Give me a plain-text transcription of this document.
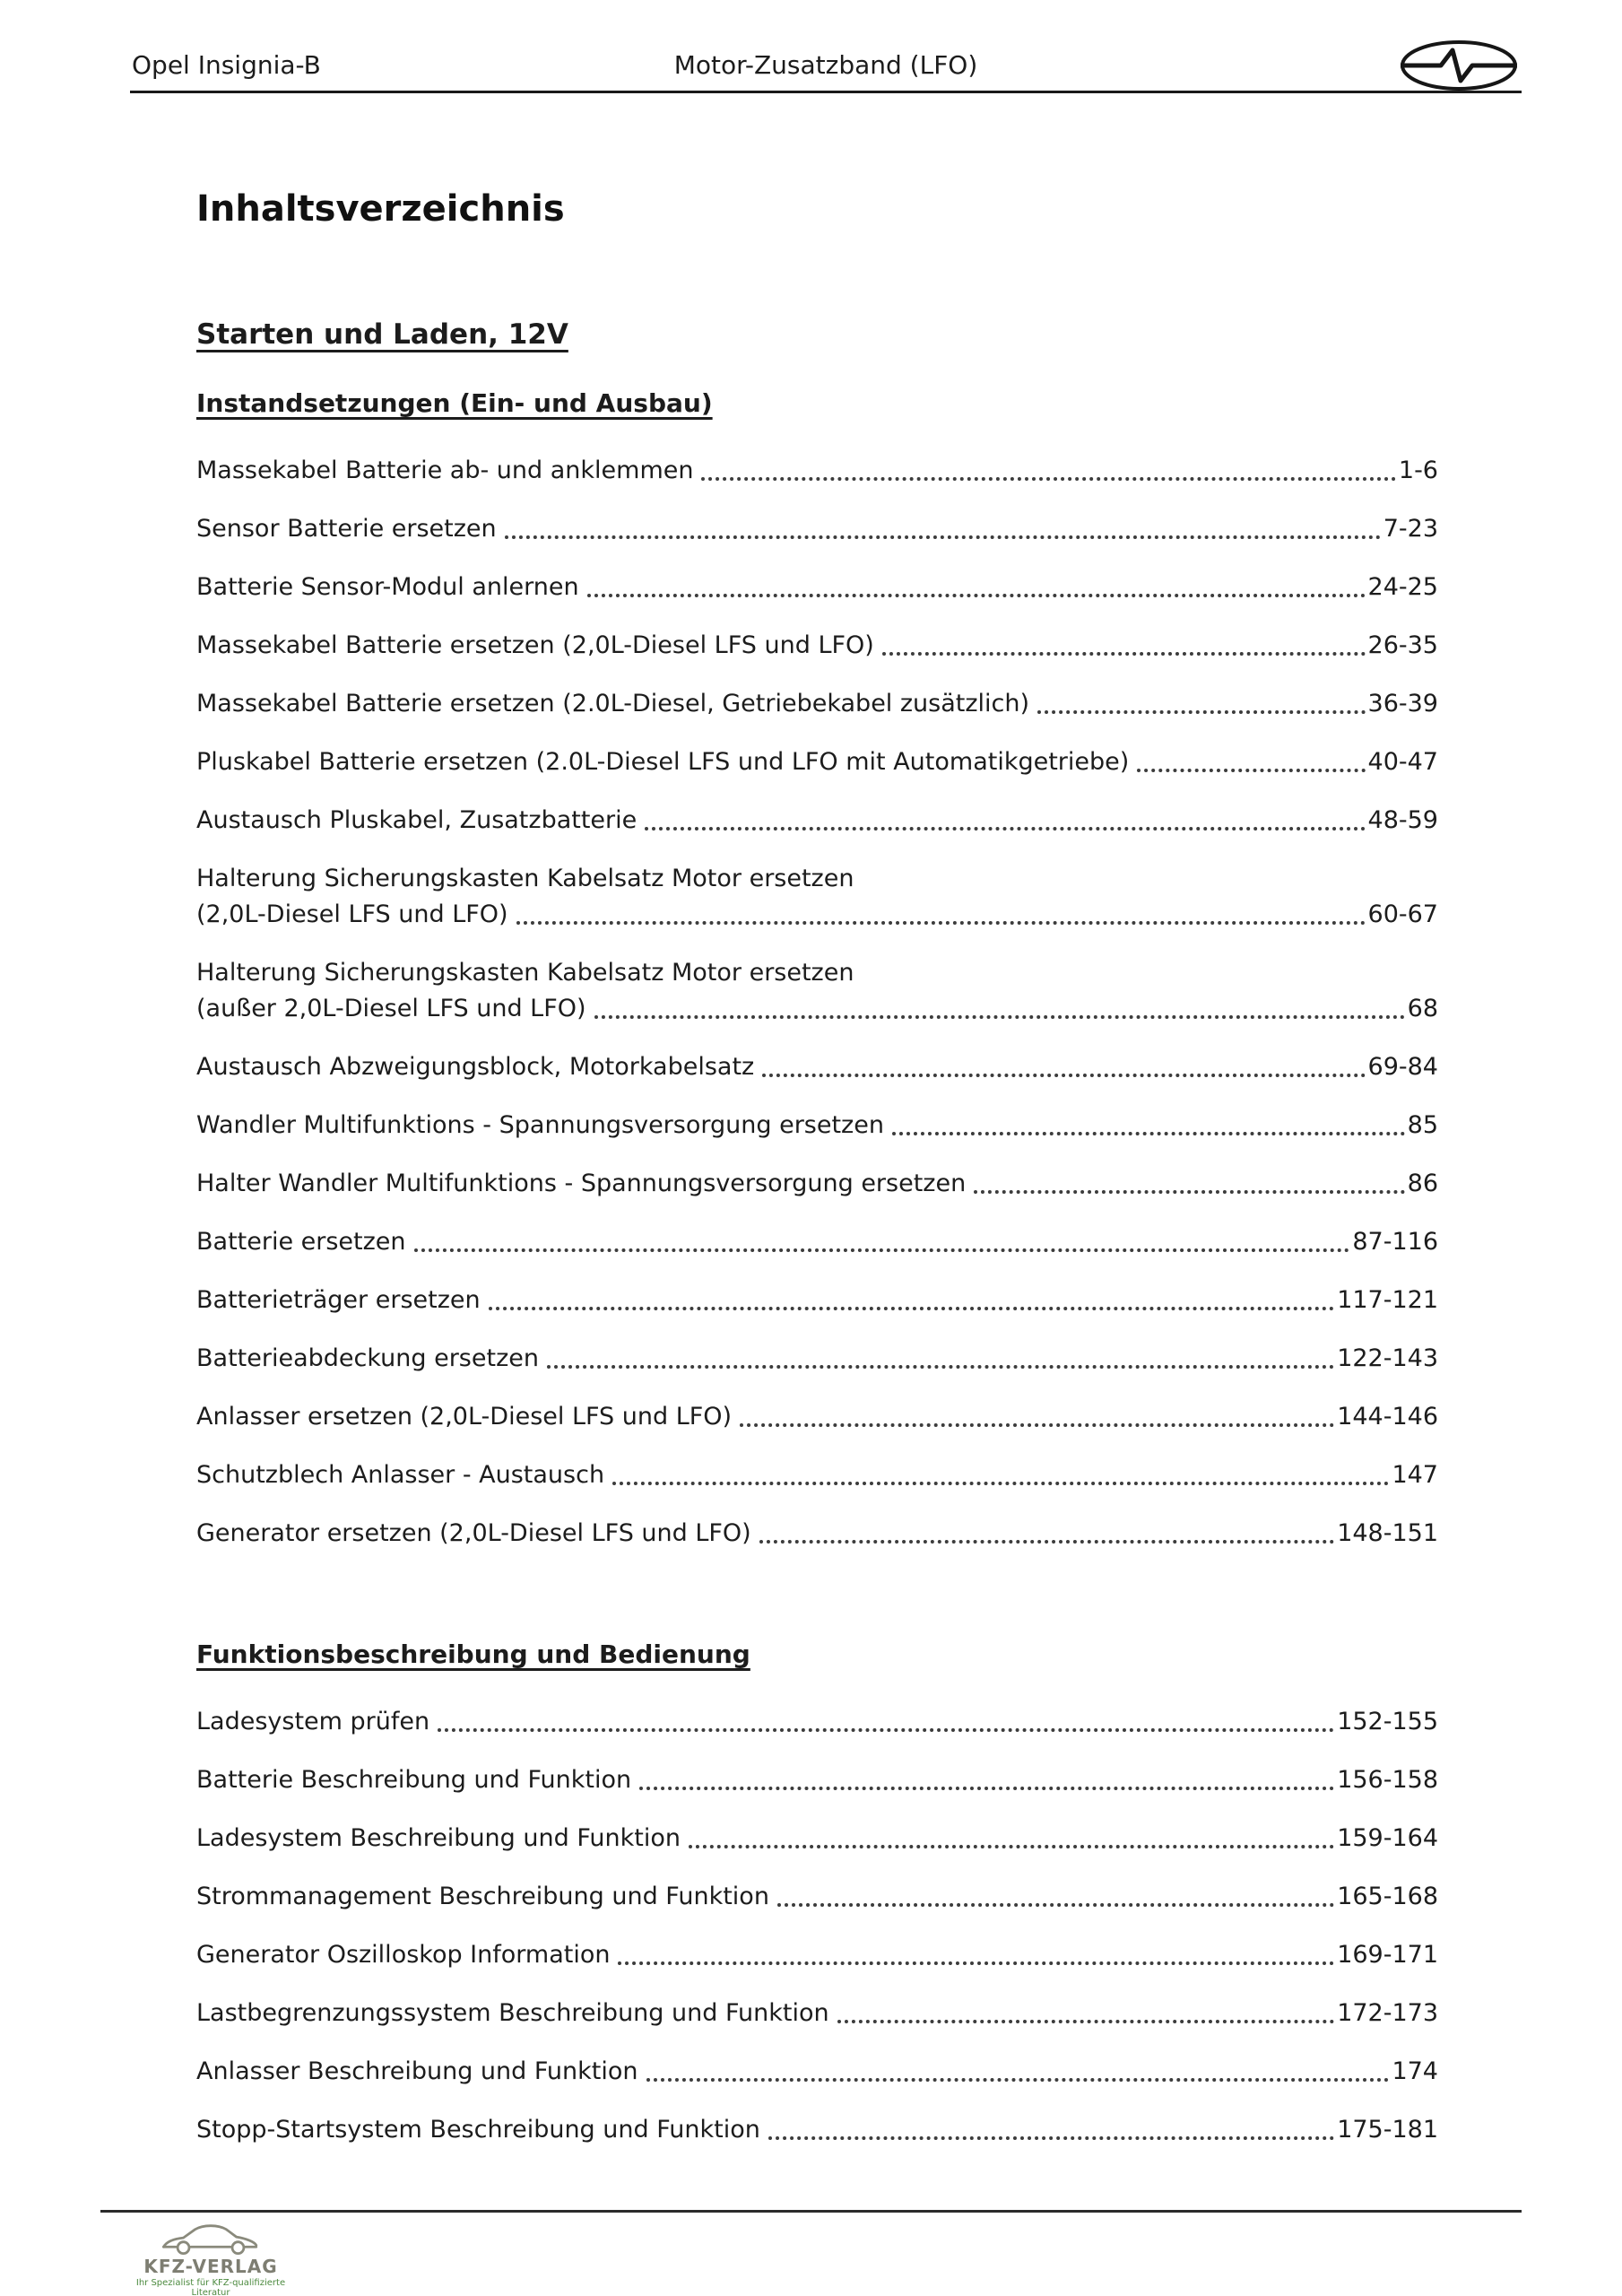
Opel Insignia-B	Motor-Zusatzband (LFO)
Inhaltsverzeichnis
Starten und Laden, 12V
Instandsetzungen (Ein- und Ausbau)
Massekabel Batterie ab- und anklemmen	1-6
Sensor Batterie ersetzen	7-23
Batterie Sensor-Modul anlernen	24-25
Massekabel Batterie ersetzen (2,0L-Diesel LFS und LFO)	26-35
Massekabel Batterie ersetzen (2.0L-Diesel, Getriebekabel zusätzlich)	36-39
Pluskabel Batterie ersetzen (2.0L-Diesel LFS und LFO mit Automatikgetriebe)	40-47
Austausch Pluskabel, Zusatzbatterie	48-59
Halterung Sicherungskasten Kabelsatz Motor ersetzen
(2,0L-Diesel LFS und LFO)	60-67
Halterung Sicherungskasten Kabelsatz Motor ersetzen
(außer 2,0L-Diesel LFS und LFO)	68
Austausch Abzweigungsblock, Motorkabelsatz	69-84
Wandler Multifunktions - Spannungsversorgung ersetzen	85
Halter Wandler Multifunktions - Spannungsversorgung ersetzen	86
Batterie ersetzen	87-116
Batterieträger ersetzen	117-121
Batterieabdeckung ersetzen	122-143
Anlasser ersetzen (2,0L-Diesel LFS und LFO)	144-146
Schutzblech Anlasser - Austausch	147
Generator ersetzen (2,0L-Diesel LFS und LFO)	148-151
Funktionsbeschreibung und Bedienung
Ladesystem prüfen	152-155
Batterie Beschreibung und Funktion	156-158
Ladesystem Beschreibung und Funktion	159-164
Strommanagement Beschreibung und Funktion	165-168
Generator Oszilloskop Information	169-171
Lastbegrenzungssystem Beschreibung und Funktion	172-173
Anlasser Beschreibung und Funktion	174
Stopp-Startsystem Beschreibung und Funktion	175-181
KFZ-VERLAG
Ihr Spezialist für KFZ-qualifizierte Literatur
